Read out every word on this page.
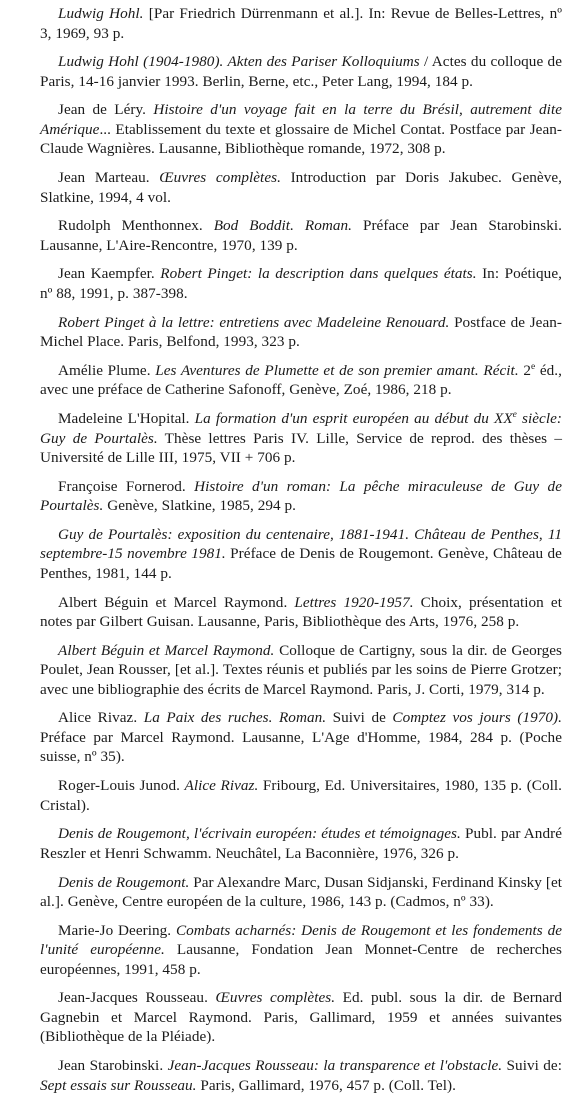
Ludwig Hohl. [Par Friedrich Dürrenmann et al.]. In: Revue de Belles-Lettres, nº 3, 1969, 93 p.

Ludwig Hohl (1904-1980). Akten des Pariser Kolloquiums / Actes du colloque de Paris, 14-16 janvier 1993. Berlin, Berne, etc., Peter Lang, 1994, 184 p.

Jean de Léry. Histoire d'un voyage fait en la terre du Brésil, autrement dite Amérique... Etablissement du texte et glossaire de Michel Contat. Postface par Jean-Claude Wagnières. Lausanne, Bibliothèque romande, 1972, 308 p.

Jean Marteau. Œuvres complètes. Introduction par Doris Jakubec. Genève, Slatkine, 1994, 4 vol.

Rudolph Menthonnex. Bod Boddit. Roman. Préface par Jean Starobinski. Lausanne, L'Aire-Rencontre, 1970, 139 p.

Jean Kaempfer. Robert Pinget: la description dans quelques états. In: Poétique, nº 88, 1991, p. 387-398.

Robert Pinget à la lettre: entretiens avec Madeleine Renouard. Postface de Jean-Michel Place. Paris, Belfond, 1993, 323 p.

Amélie Plume. Les Aventures de Plumette et de son premier amant. Récit. 2e éd., avec une préface de Catherine Safonoff, Genève, Zoé, 1986, 218 p.

Madeleine L'Hopital. La formation d'un esprit européen au début du XXe siècle: Guy de Pourtalès. Thèse lettres Paris IV. Lille, Service de reprod. des thèses – Université de Lille III, 1975, VII + 706 p.

Françoise Fornerod. Histoire d'un roman: La pêche miraculeuse de Guy de Pourtalès. Genève, Slatkine, 1985, 294 p.

Guy de Pourtalès: exposition du centenaire, 1881-1941. Château de Penthes, 11 septembre-15 novembre 1981. Préface de Denis de Rougemont. Genève, Château de Penthes, 1981, 144 p.

Albert Béguin et Marcel Raymond. Lettres 1920-1957. Choix, présentation et notes par Gilbert Guisan. Lausanne, Paris, Bibliothèque des Arts, 1976, 258 p.

Albert Béguin et Marcel Raymond. Colloque de Cartigny, sous la dir. de Georges Poulet, Jean Rousser, [et al.]. Textes réunis et publiés par les soins de Pierre Grotzer; avec une bibliographie des écrits de Marcel Raymond. Paris, J. Corti, 1979, 314 p.

Alice Rivaz. La Paix des ruches. Roman. Suivi de Comptez vos jours (1970). Préface par Marcel Raymond. Lausanne, L'Age d'Homme, 1984, 284 p. (Poche suisse, nº 35).

Roger-Louis Junod. Alice Rivaz. Fribourg, Ed. Universitaires, 1980, 135 p. (Coll. Cristal).

Denis de Rougemont, l'écrivain européen: études et témoignages. Publ. par André Reszler et Henri Schwamm. Neuchâtel, La Baconnière, 1976, 326 p.

Denis de Rougemont. Par Alexandre Marc, Dusan Sidjanski, Ferdinand Kinsky [et al.]. Genève, Centre européen de la culture, 1986, 143 p. (Cadmos, nº 33).

Marie-Jo Deering. Combats acharnés: Denis de Rougemont et les fondements de l'unité européenne. Lausanne, Fondation Jean Monnet-Centre de recherches européennes, 1991, 458 p.

Jean-Jacques Rousseau. Œuvres complètes. Ed. publ. sous la dir. de Bernard Gagnebin et Marcel Raymond. Paris, Gallimard, 1959 et années suivantes (Bibliothèque de la Pléiade).

Jean Starobinski. Jean-Jacques Rousseau: la transparence et l'obstacle. Suivi de: Sept essais sur Rousseau. Paris, Gallimard, 1976, 457 p. (Coll. Tel).
